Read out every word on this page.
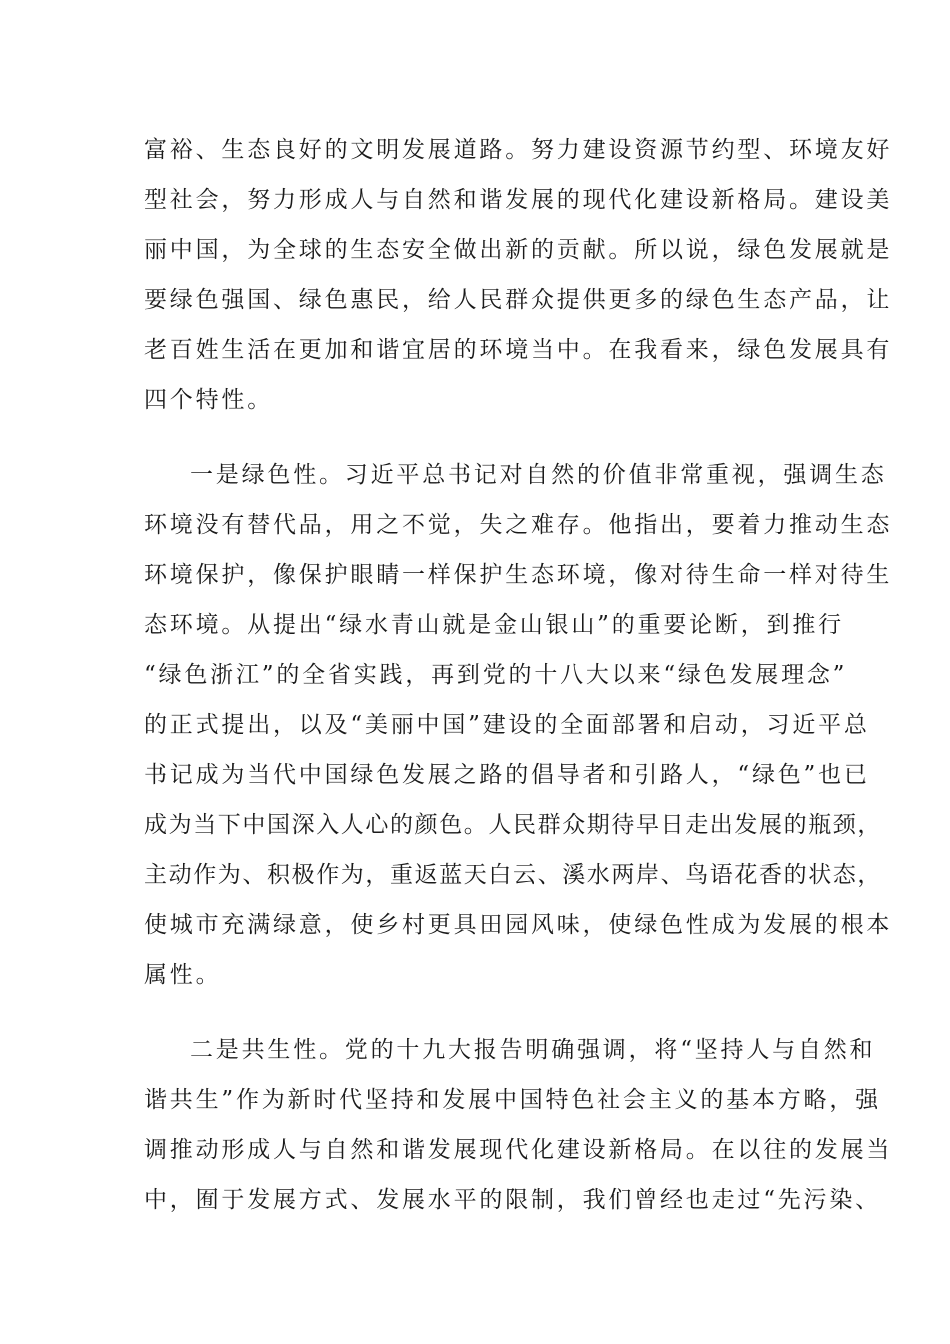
富裕、生态良好的文明发展道路。努力建设资源节约型、环境友好
型社会，努力形成人与自然和谐发展的现代化建设新格局。建设美
丽中国，为全球的生态安全做出新的贡献。所以说，绿色发展就是
要绿色强国、绿色惠民，给人民群众提供更多的绿色生态产品，让
老百姓生活在更加和谐宜居的环境当中。在我看来，绿色发展具有
四个特性。
一是绿色性。习近平总书记对自然的价值非常重视，强调生态
环境没有替代品，用之不觉，失之难存。他指出，要着力推动生态
环境保护，像保护眼睛一样保护生态环境，像对待生命一样对待生
态环境。从提出“绿水青山就是金山银山”的重要论断，到推行
“绿色浙江”的全省实践，再到党的十八大以来“绿色发展理念”
的正式提出，以及“美丽中国”建设的全面部署和启动，习近平总
书记成为当代中国绿色发展之路的倡导者和引路人，“绿色”也已
成为当下中国深入人心的颜色。人民群众期待早日走出发展的瓶颈，
主动作为、积极作为，重返蓝天白云、溪水两岸、鸟语花香的状态，
使城市充满绿意，使乡村更具田园风味，使绿色性成为发展的根本
属性。
二是共生性。党的十九大报告明确强调，将“坚持人与自然和
谐共生”作为新时代坚持和发展中国特色社会主义的基本方略，强
调推动形成人与自然和谐发展现代化建设新格局。在以往的发展当
中，囿于发展方式、发展水平的限制，我们曾经也走过“先污染、
